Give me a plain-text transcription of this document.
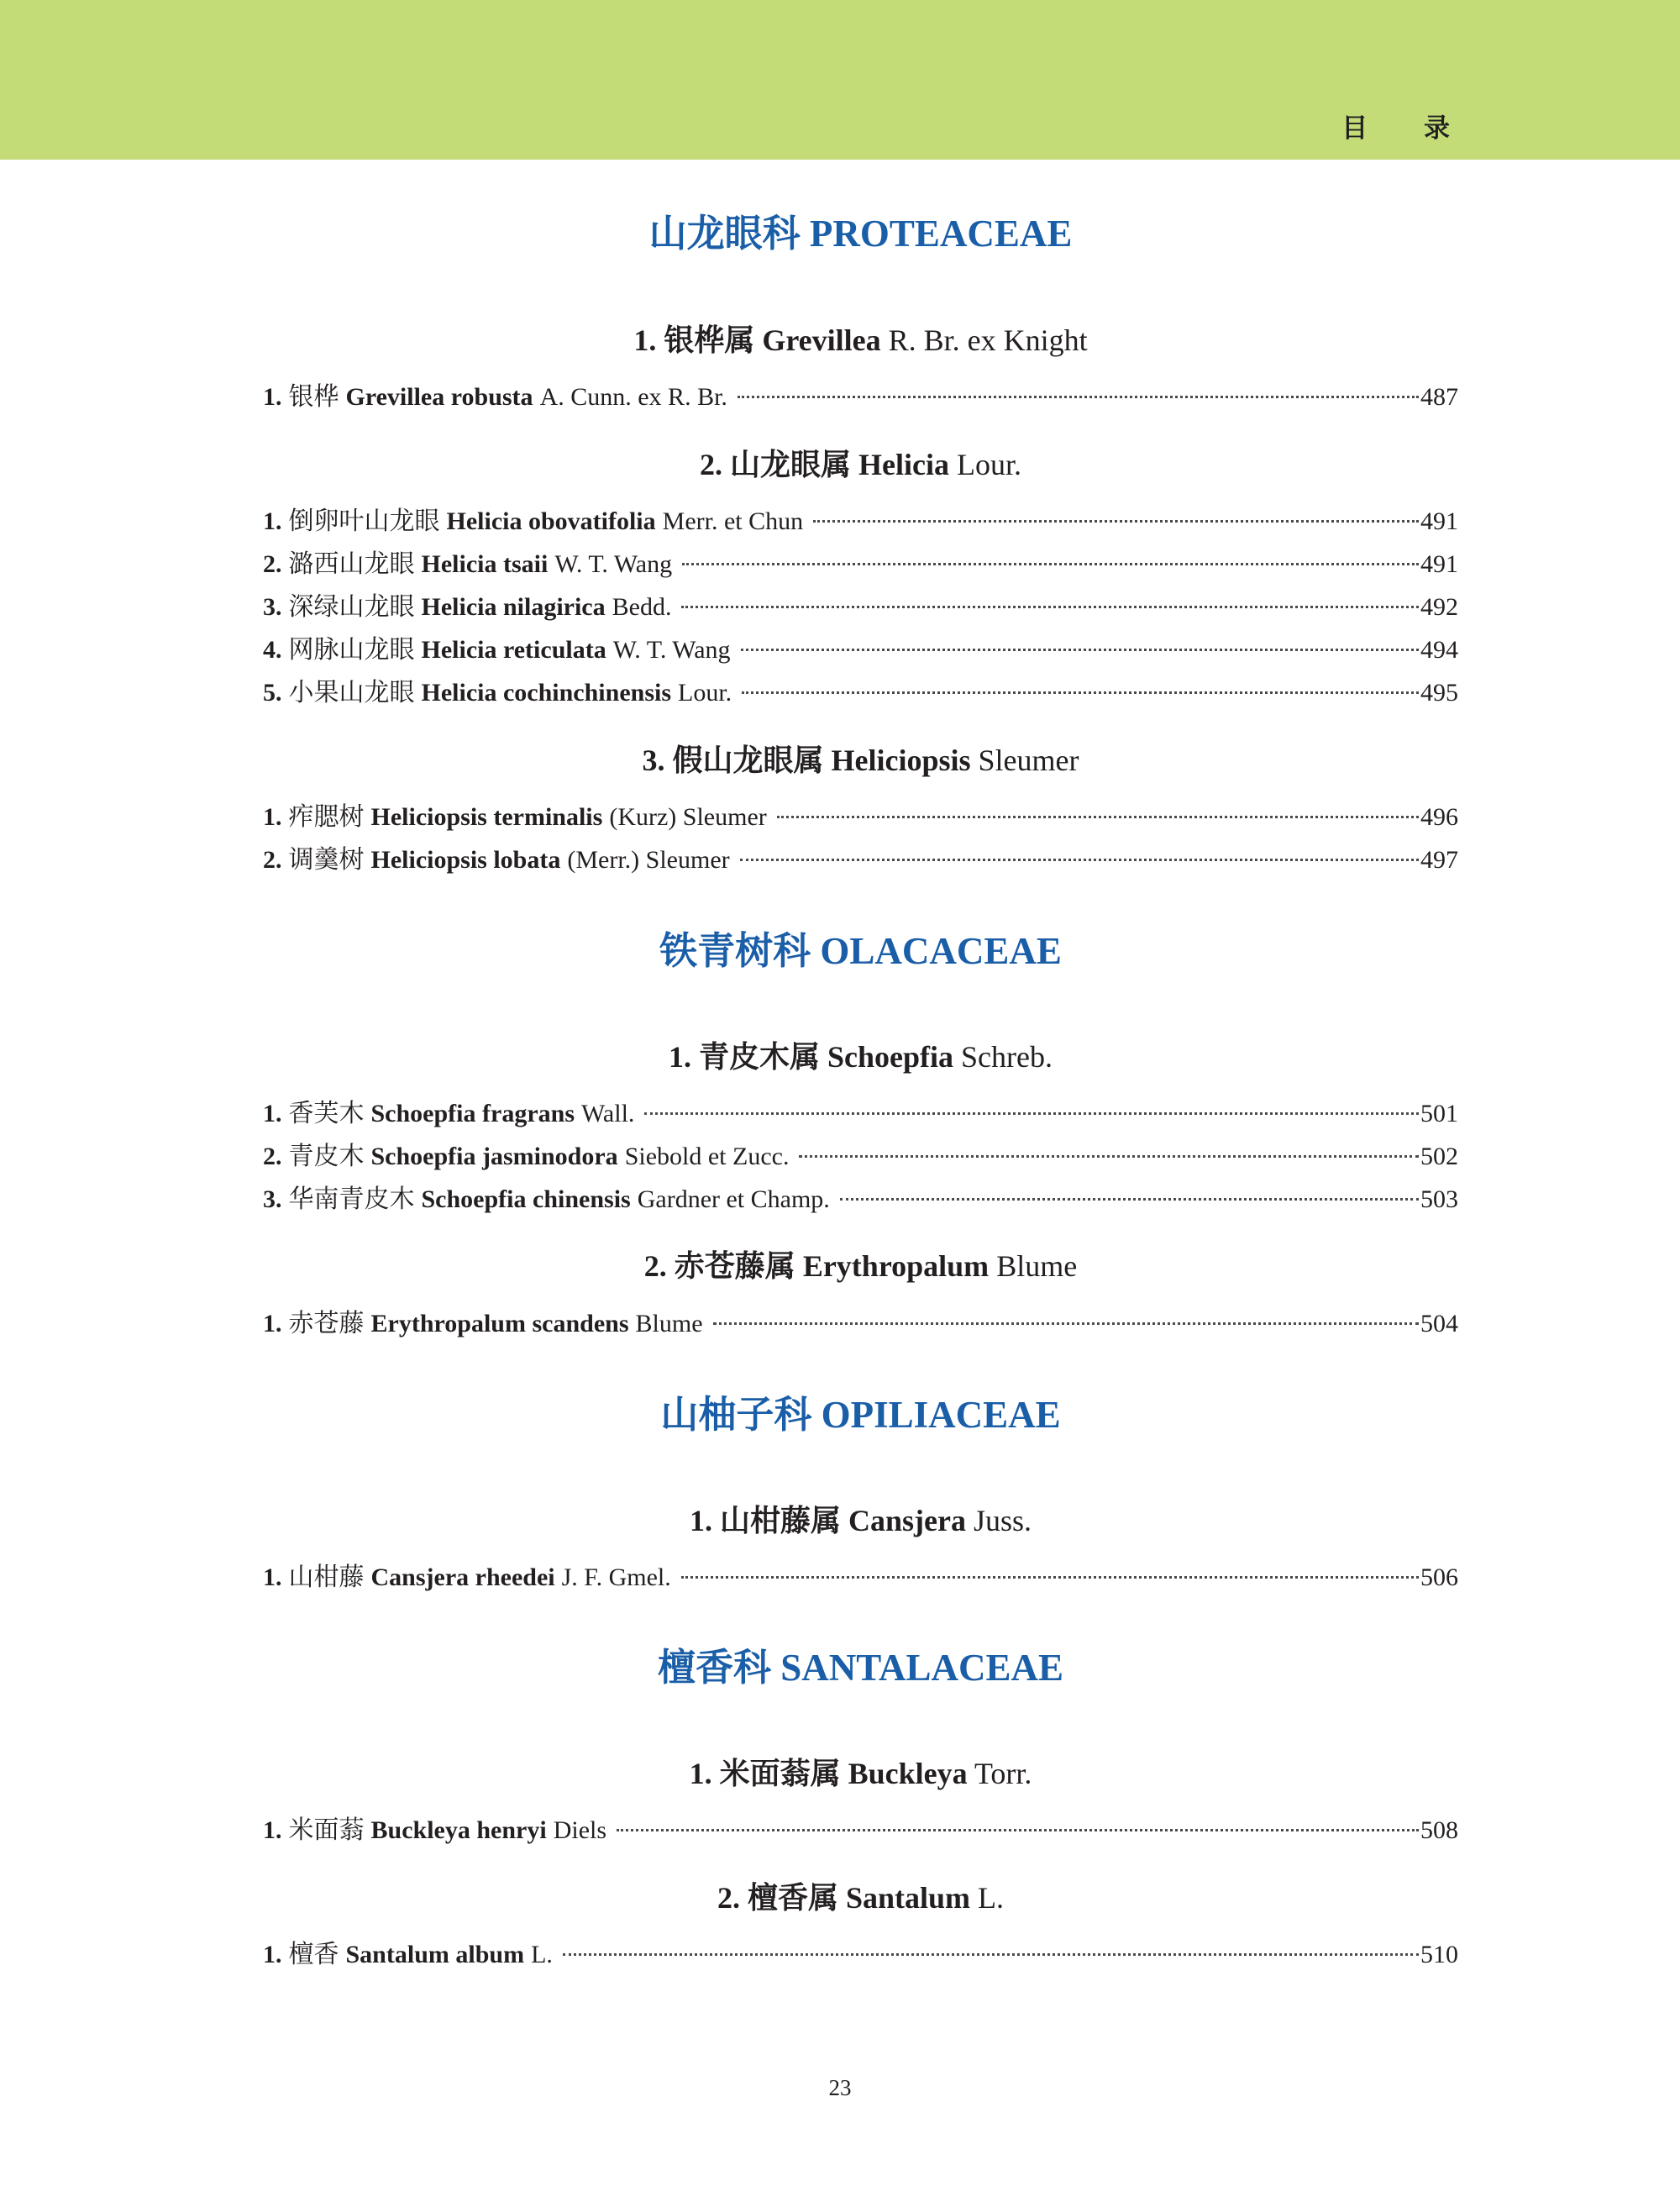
目 录
山龙眼科 PROTEACEAE
1. 银桦属 Grevillea R. Br. ex Knight
1. 银桦 Grevillea robusta A. Cunn. ex R. Br.	487
2. 山龙眼属 Helicia Lour.
1. 倒卵叶山龙眼 Helicia obovatifolia Merr. et Chun	491
2. 潞西山龙眼 Helicia tsaii W. T. Wang	491
3. 深绿山龙眼 Helicia nilagirica Bedd.	492
4. 网脉山龙眼 Helicia reticulata W. T. Wang	494
5. 小果山龙眼 Helicia cochinchinensis Lour.	495
3. 假山龙眼属 Heliciopsis Sleumer
1. 痄腮树 Heliciopsis terminalis (Kurz) Sleumer	496
2. 调羹树 Heliciopsis lobata (Merr.) Sleumer	497
铁青树科 OLACACEAE
1. 青皮木属 Schoepfia Schreb.
1. 香芙木 Schoepfia fragrans Wall.	501
2. 青皮木 Schoepfia jasminodora Siebold et Zucc.	502
3. 华南青皮木 Schoepfia chinensis Gardner et Champ.	503
2. 赤苍藤属 Erythropalum Blume
1. 赤苍藤 Erythropalum scandens Blume	504
山柚子科 OPILIACEAE
1. 山柑藤属 Cansjera Juss.
1. 山柑藤 Cansjera rheedei J. F. Gmel.	506
檀香科 SANTALACEAE
1. 米面蓊属 Buckleya Torr.
1. 米面蓊 Buckleya henryi Diels	508
2. 檀香属 Santalum L.
1. 檀香 Santalum album L.	510
23
